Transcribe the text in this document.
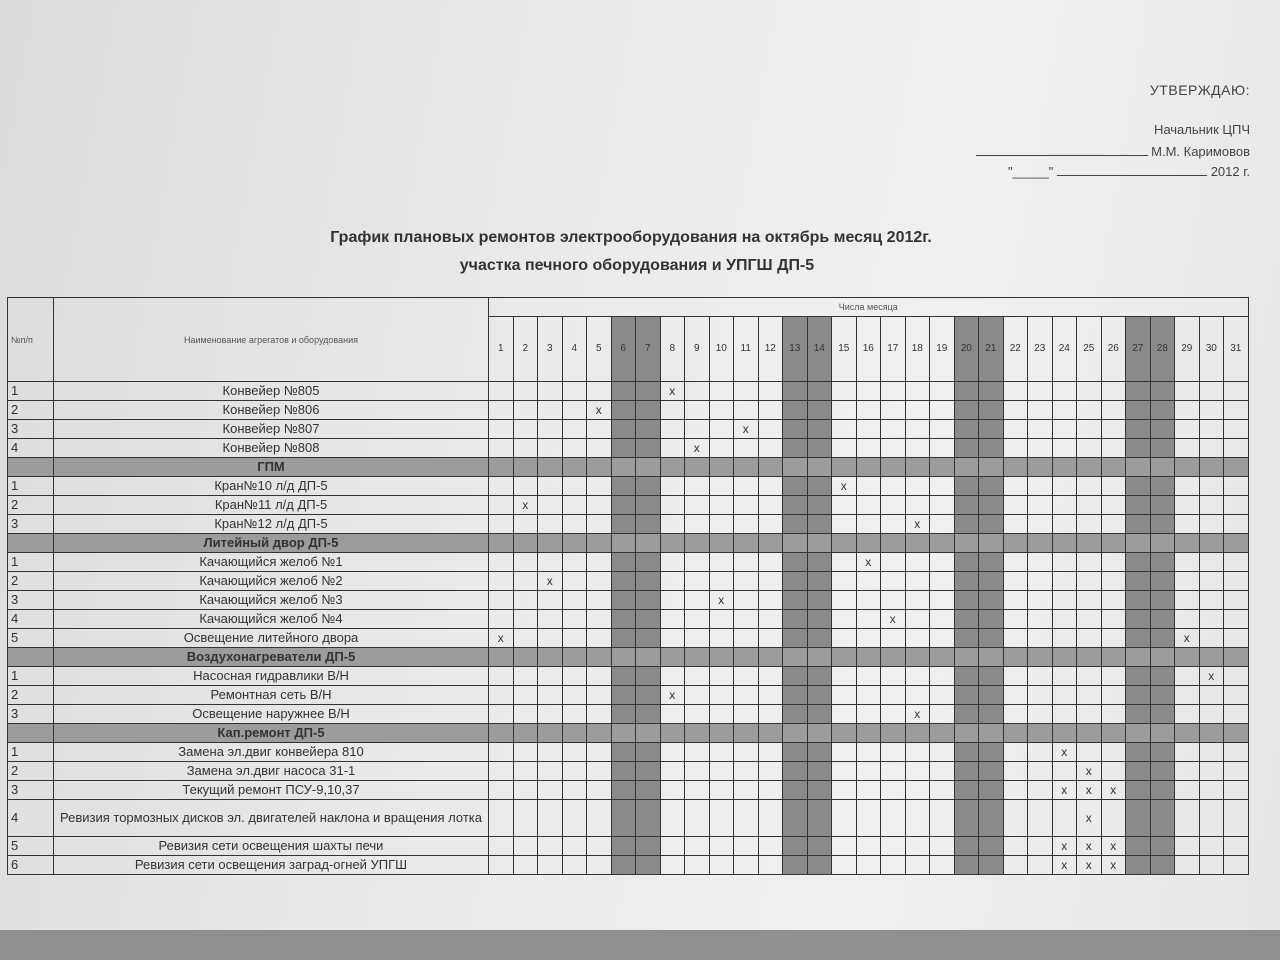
УТВЕРЖДАЮ:
Начальник ЦПЧ
М.М. Каримовов
"_____"	2012 г.
График плановых ремонтов электрооборудования на октябрь месяц 2012г.
участка печного оборудования и УПГШ ДП-5
№п/п	Наименование агрегатов и оборудования	Числа месяца																														
		1	2	3	4	5	6	7	8	9	10	11	12	13	14	15	16	17	18	19	20	21	22	23	24	25	26	27	28	29	30	31
1	Конвейер №805								x																							
2	Конвейер №806					x																										
3	Конвейер №807											x																				
4	Конвейер №808									x																						
	ГПМ																															
1	Кран№10 л/д ДП-5															x																
2	Кран№11 л/д ДП-5		x																													
3	Кран№12 л/д ДП-5																		x													
	Литейный двор ДП-5																															
1	Качающийся желоб №1																x															
2	Качающийся желоб №2			x																												
3	Качающийся желоб №3										x																					
4	Качающийся желоб №4																	x														
5	Освещение литейного двора	x																												x		
	Воздухонагреватели ДП-5																															
1	Насосная гидравлики В/Н																														x	
2	Ремонтная сеть В/Н								x																							
3	Освещение наружнее В/Н																		x													
	Кап.ремонт ДП-5																															
1	Замена эл.двиг конвейера 810																								x							
2	Замена эл.двиг насоса 31-1																									x						
3	Текущий ремонт ПСУ-9,10,37																								x	x	x					
4	Ревизия тормозных дисков эл. двигателей наклона и вращения лотка																									x						
5	Ревизия сети освещения шахты печи																								x	x	x					
6	Ревизия сети освещения заград-огней УПГШ																								x	x	x					
